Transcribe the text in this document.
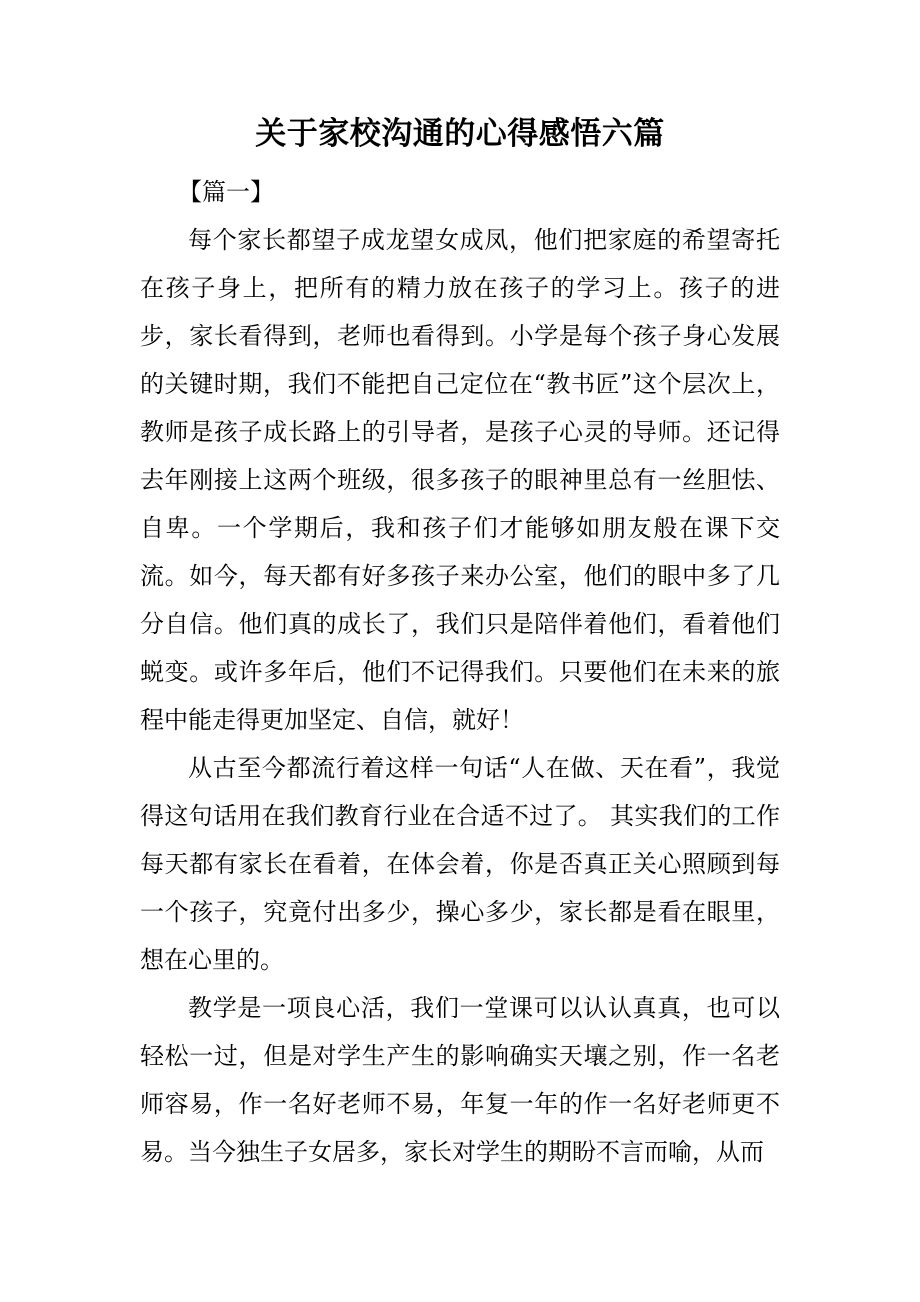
关于家校沟通的心得感悟六篇
【篇一】

每个家长都望子成龙望女成凤，他们把家庭的希望寄托在孩子身上，把所有的精力放在孩子的学习上。孩子的进步，家长看得到，老师也看得到。小学是每个孩子身心发展的关键时期，我们不能把自己定位在“教书匠”这个层次上，教师是孩子成长路上的引导者，是孩子心灵的导师。还记得去年刚接上这两个班级，很多孩子的眼神里总有一丝胆怯、自卑。一个学期后，我和孩子们才能够如朋友般在课下交流。如今，每天都有好多孩子来办公室，他们的眼中多了几分自信。他们真的成长了，我们只是陪伴着他们，看着他们蜕变。或许多年后，他们不记得我们。只要他们在未来的旅程中能走得更加坚定、自信，就好！

从古至今都流行着这样一句话“人在做、天在看”，我觉得这句话用在我们教育行业在合适不过了。 其实我们的工作每天都有家长在看着，在体会着，你是否真正关心照顾到每一个孩子，究竟付出多少，操心多少，家长都是看在眼里，想在心里的。

教学是一项良心活，我们一堂课可以认认真真，也可以轻松一过，但是对学生产生的影响确实天壤之别，作一名老师容易，作一名好老师不易，年复一年的作一名好老师更不易。当今独生子女居多，家长对学生的期盼不言而喻，从而
